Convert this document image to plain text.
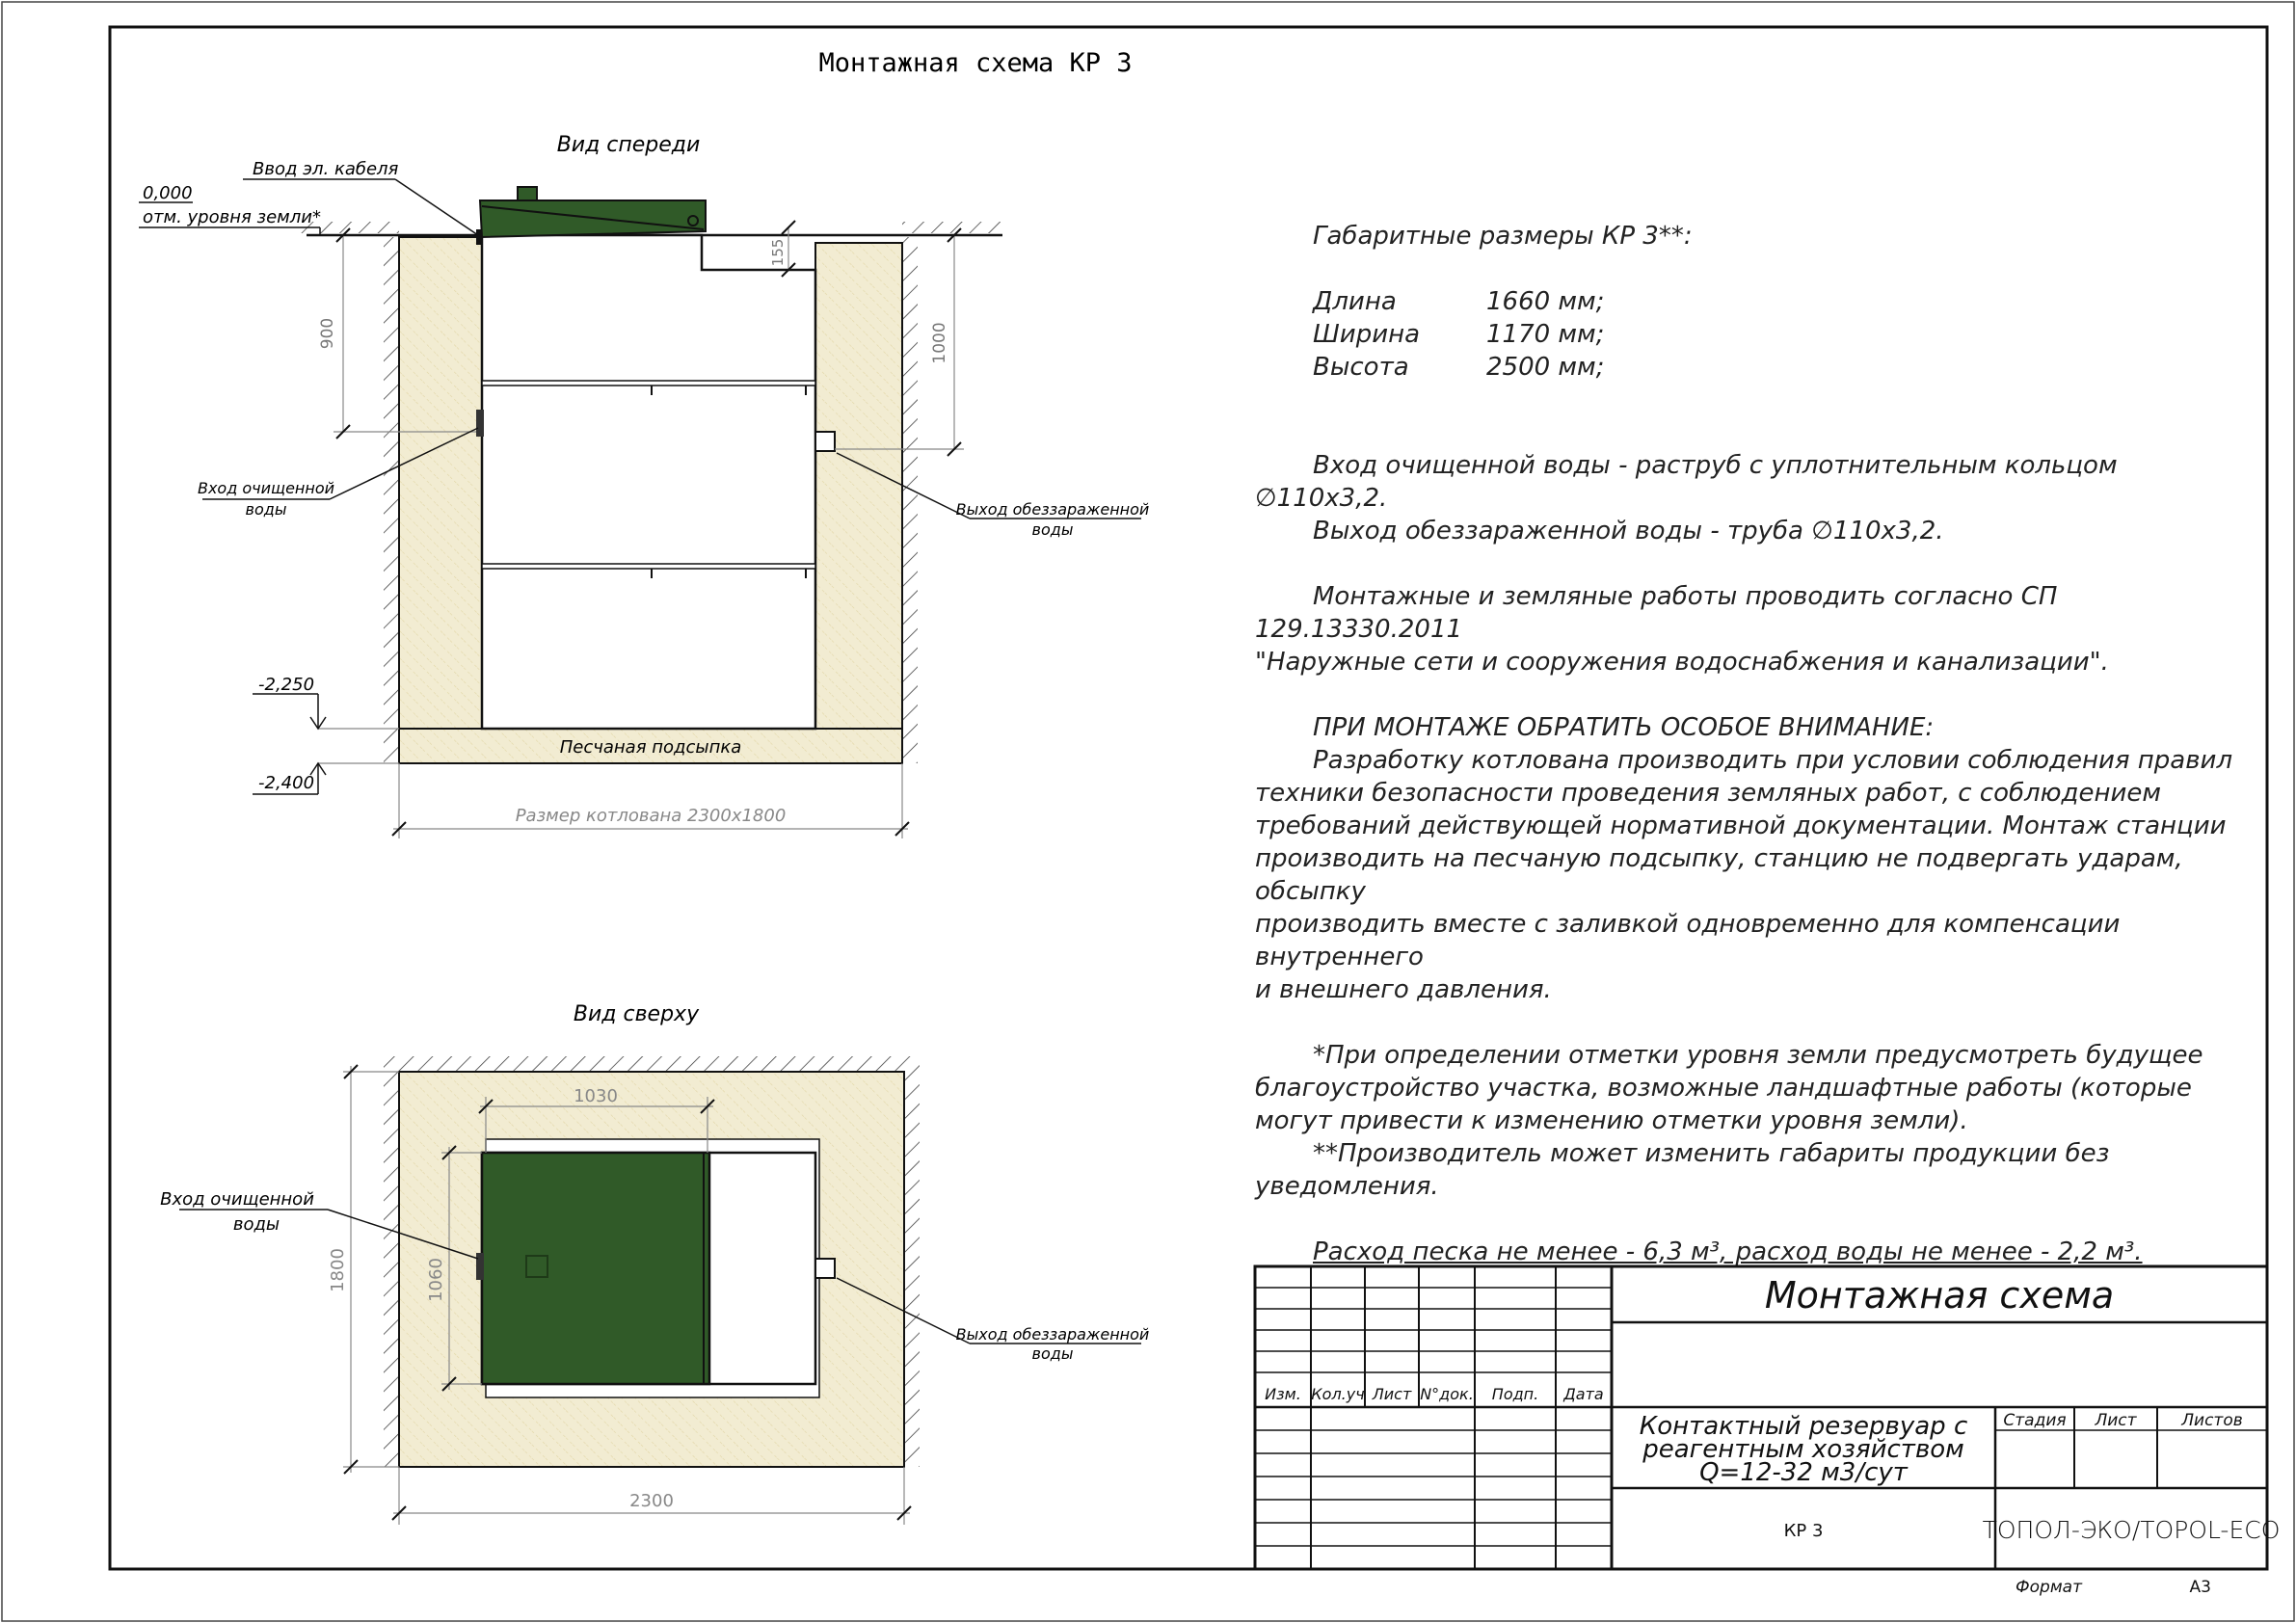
Монтажная схема КР 3
Вид спереди
Песчаная подсыпка
Ввод эл. кабеля
0,000
отм. уровня земли*
900	1000
155
Вход очищенной
воды	Выход обеззараженной
воды
-2,250
-2,400
Размер котлована 2300х1800
Вид сверху
1030
1060
1800
2300
Вход очищенной
воды
Выход обеззараженной
воды
Изм. Кол.уч Лист N°док. Подп. Дата
Монтажная схема
Контактный резервуар с
реагентным хозяйством
Q=12-32 м3/сут
Стадия Лист	Листов
КР 3	ТОПОЛ-ЭКО/TOPOL-ECO
Формат	А3

Габаритные размеры КР 3**:

Длина	1660 мм;
Ширина	1170 мм;
Высота	2500 мм;

Вход очищенной воды - раструб с уплотнительным кольцом ∅110х3,2.

Выход обеззараженной воды - труба ∅110х3,2.

Монтажные и земляные работы проводить согласно СП 129.13330.2011

"Наружные сети и сооружения водоснабжения и канализации".

ПРИ МОНТАЖЕ ОБРАТИТЬ ОСОБОЕ ВНИМАНИЕ:

Разработку котлована производить при условии соблюдения правил

техники безопасности проведения земляных работ, с соблюдением

требований действующей нормативной документации. Монтаж станции

производить на песчаную подсыпку, станцию не подвергать ударам, обсыпку

производить вместе с заливкой одновременно для компенсации внутреннего

и внешнего давления.

*При определении отметки уровня земли предусмотреть будущее

благоустройство участка, возможные ландшафтные работы (которые

могут привести к изменению отметки уровня земли).

**Производитель может изменить габариты продукции без уведомления.

Расход песка не менее - 6,3 м³, расход воды не менее - 2,2 м³.
